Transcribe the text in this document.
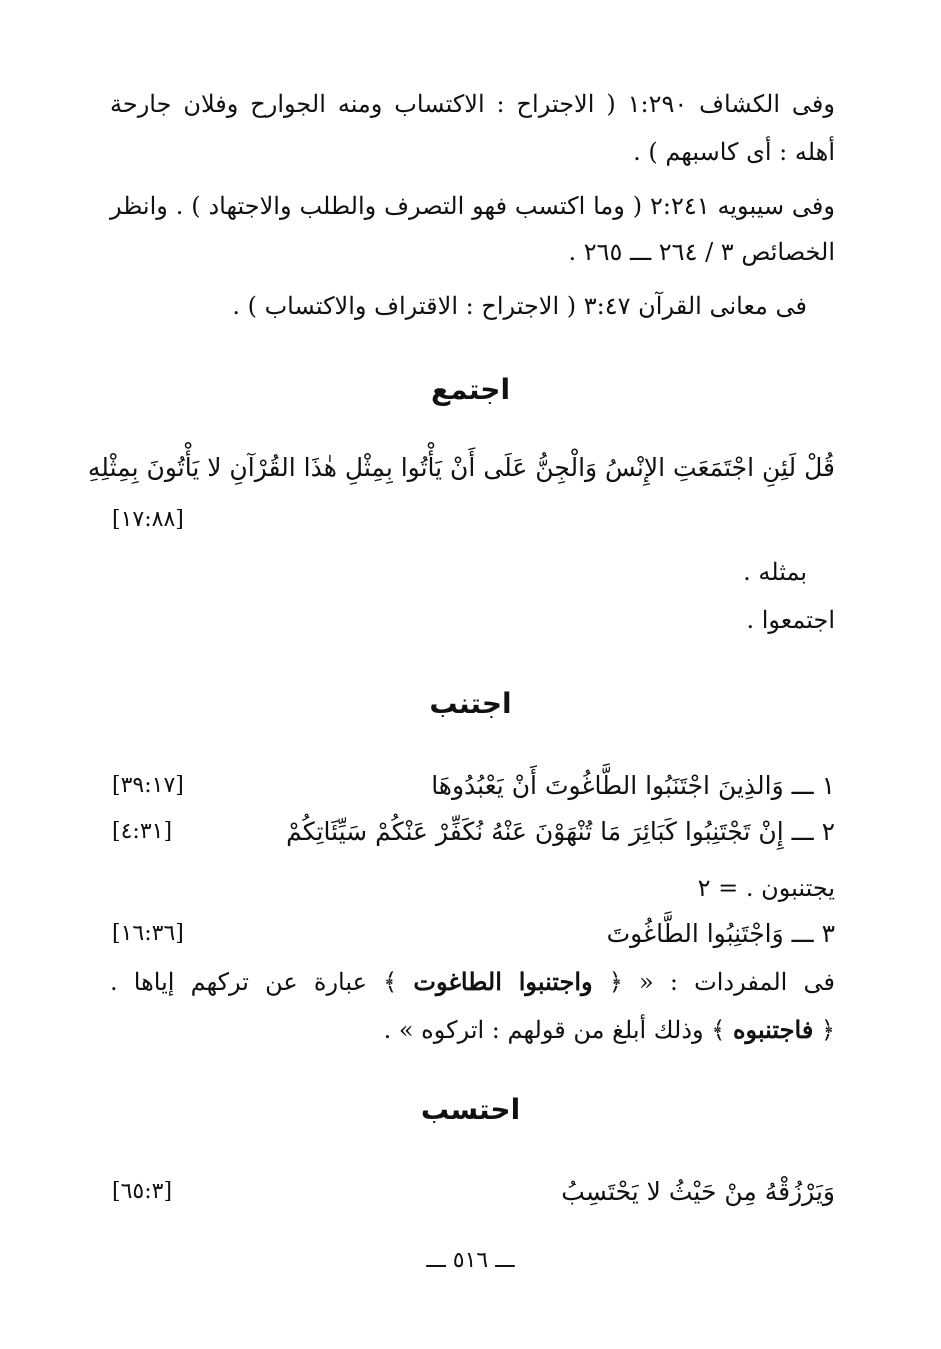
وفى الكشاف ١:٢٩٠ ( الاجتراح : الاكتساب ومنه الجوارح وفلان جارحة
أهله : أى كاسبهم ) .
وفى سيبويه ٢:٢٤١ ( وما اكتسب فهو التصرف والطلب والاجتهاد ) . وانظر
الخصائص ٣ / ٢٦٤ ـــ ٢٦٥ .
فى معانى القرآن ٣:٤٧ ( الاجتراح : الاقتراف والاكتساب ) .
اجتمع
قُلْ لَئِنِ اجْتَمَعَتِ الإِنْسُ وَالْجِنُّ عَلَى أَنْ يَأْتُوا بِمِثْلِ هٰذَا القُرْآنِ لا يَأْتُونَ بِمِثْلِهِ
[١٧:٨٨]
بمثله .
اجتمعوا .
اجتنب
١ ـــ وَالذِينَ اجْتَنَبُوا الطَّاغُوتَ أَنْ يَعْبُدُوهَا
[٣٩:١٧]
٢ ـــ إِنْ تَجْتَنِبُوا كَبَائِرَ مَا تُنْهَوْنَ عَنْهُ نُكَفِّرْ عَنْكُمْ سَيِّئَاتِكُمْ
[٤:٣١]
يجتنبون . = ٢
٣ ـــ وَاجْتَنِبُوا الطَّاغُوتَ
[١٦:٣٦]
فى المفردات : « ﴿ واجتنبوا الطاغوت ﴾ عبارة عن تركهم إياها .
﴿ فاجتنبوه ﴾ وذلك أبلغ من قولهم : اتركوه » .
احتسب
وَيَرْزُقْهُ مِنْ حَيْثُ لا يَحْتَسِبُ
[٦٥:٣]
ـــ ٥١٦ ـــ
